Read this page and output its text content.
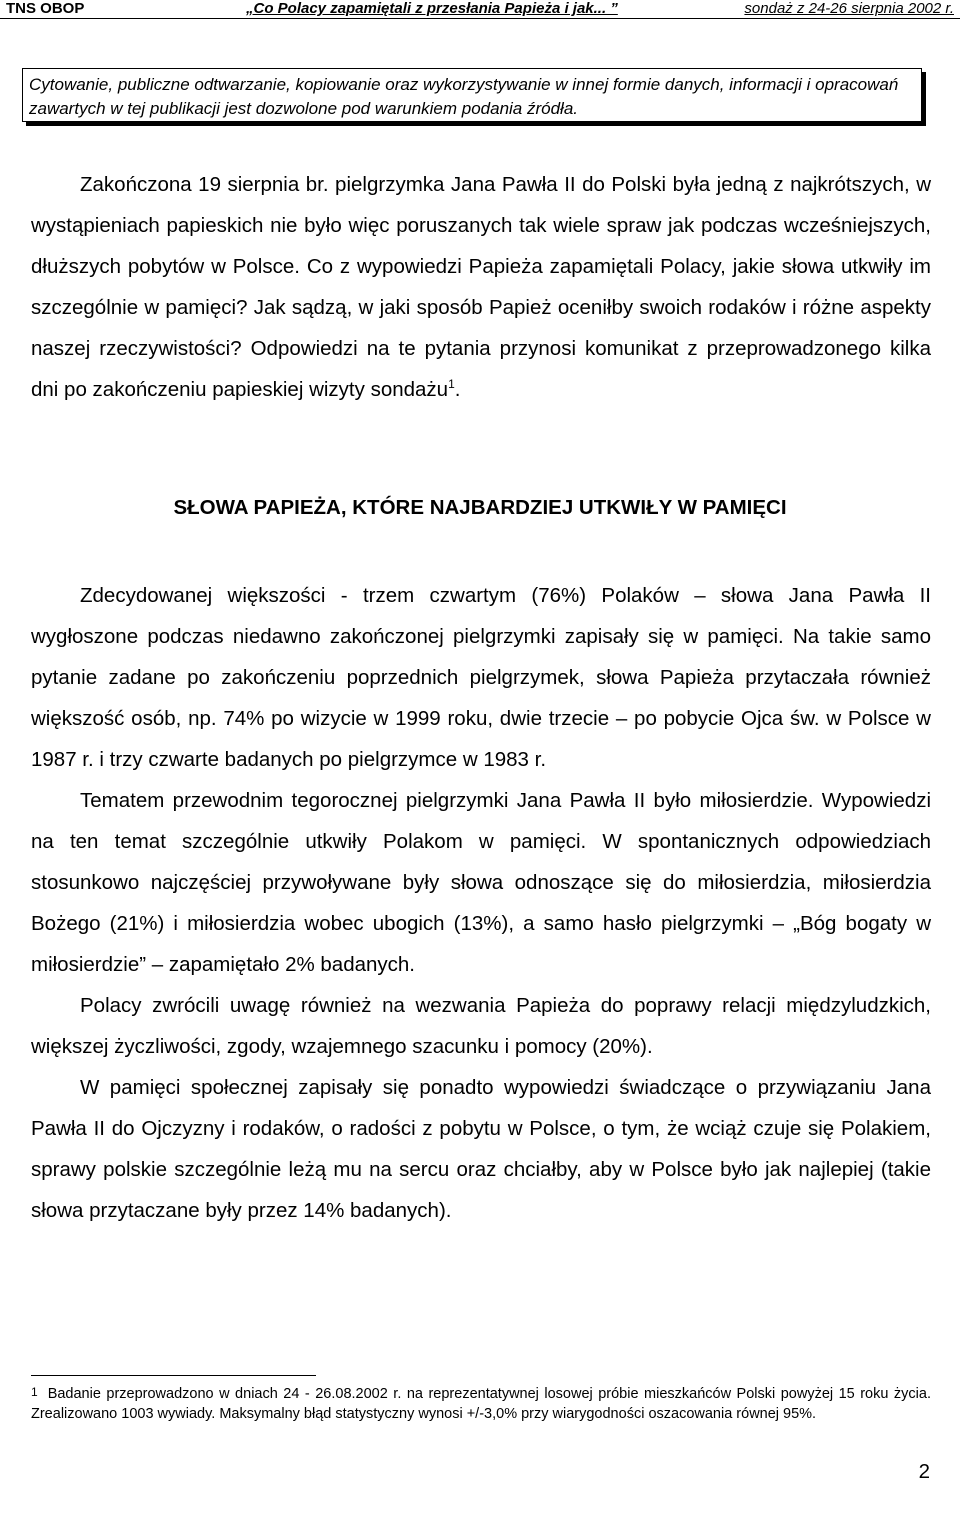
TNS OBOP	„Co Polacy zapamiętali z przesłania Papieża i jak... ”	sondaż z 24-26 sierpnia 2002 r.
Cytowanie, publiczne odtwarzanie, kopiowanie oraz wykorzystywanie w innej formie danych, informacji i opracowań zawartych w tej publikacji jest dozwolone pod warunkiem podania źródła.

Zakończona 19 sierpnia br. pielgrzymka Jana Pawła II do Polski była jedną z najkrótszych, w wystąpieniach papieskich nie było więc poruszanych tak wiele spraw jak podczas wcześniejszych, dłuższych pobytów w Polsce. Co z wypowiedzi Papieża zapamiętali Polacy, jakie słowa utkwiły im szczególnie w pamięci? Jak sądzą, w jaki sposób Papież oceniłby swoich rodaków i różne aspekty naszej rzeczywistości? Odpowiedzi na te pytania przynosi komunikat z przeprowadzonego kilka dni po zakończeniu papieskiej wizyty sondażu$^1$.

SŁOWA PAPIEŻA, KTÓRE NAJBARDZIEJ UTKWIŁY W PAMIĘCI

Zdecydowanej większości - trzem czwartym (76%) Polaków – słowa Jana Pawła II wygłoszone podczas niedawno zakończonej pielgrzymki zapisały się w pamięci. Na takie samo pytanie zadane po zakończeniu poprzednich pielgrzymek, słowa Papieża przytaczała również większość osób, np. 74% po wizycie w 1999 roku, dwie trzecie – po pobycie Ojca św. w Polsce w 1987 r. i trzy czwarte badanych po pielgrzymce w 1983 r.

Tematem przewodnim tegorocznej pielgrzymki Jana Pawła II było miłosierdzie. Wypowiedzi na ten temat szczególnie utkwiły Polakom w pamięci. W spontanicznych odpowiedziach stosunkowo najczęściej przywoływane były słowa odnoszące się do miłosierdzia, miłosierdzia Bożego (21%) i miłosierdzia wobec ubogich (13%), a samo hasło pielgrzymki – „Bóg bogaty w miłosierdzie” – zapamiętało 2% badanych.

Polacy zwrócili uwagę również na wezwania Papieża do poprawy relacji międzyludzkich, większej życzliwości, zgody, wzajemnego szacunku i pomocy (20%).

W pamięci społecznej zapisały się ponadto wypowiedzi świadczące o przywiązaniu Jana Pawła II do Ojczyzny i rodaków, o radości z pobytu w Polsce, o tym, że wciąż czuje się Polakiem, sprawy polskie szczególnie leżą mu na sercu oraz chciałby, aby w Polsce było jak najlepiej (takie słowa przytaczane były przez 14% badanych).

$^1$ Badanie przeprowadzono w dniach 24 - 26.08.2002 r. na reprezentatywnej losowej próbie mieszkańców Polski powyżej 15 roku życia. Zrealizowano 1003 wywiady. Maksymalny błąd statystyczny wynosi +/-3,0% przy wiarygodności oszacowania równej 95%.
2
